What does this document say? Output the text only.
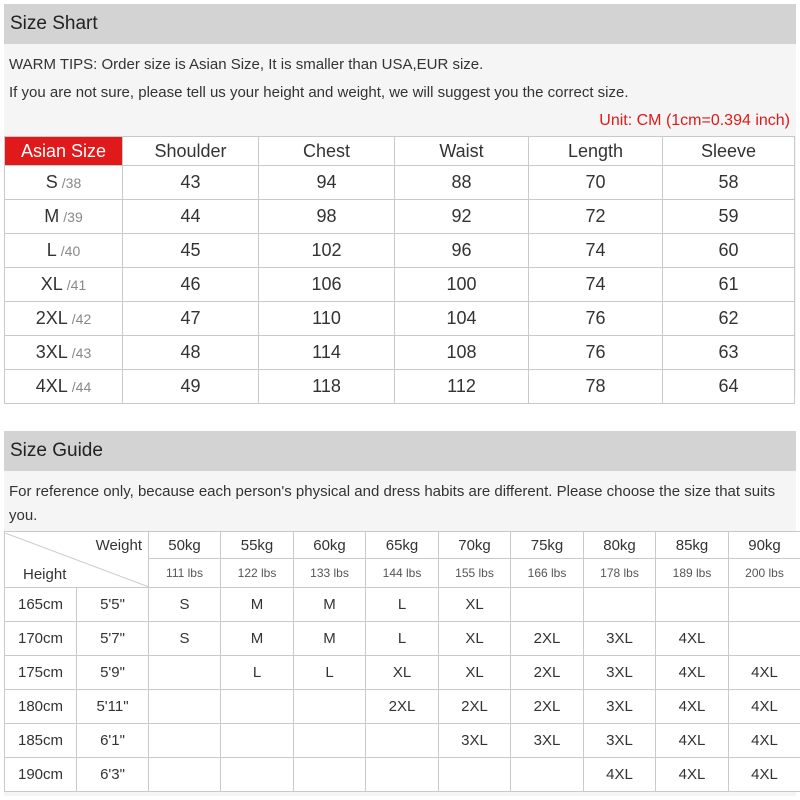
Size Shart
WARM TIPS: Order size is Asian Size, It is smaller than USA,EUR size.
If you are not sure, please tell us your height and weight, we will suggest you the correct size.
Unit: CM (1cm=0.394 inch)
Asian Size	Shoulder	Chest	Waist	Length	Sleeve
S /38	43	94	88	70	58
M /39	44	98	92	72	59
L /40	45	102	96	74	60
XL /41	46	106	100	74	61
2XL /42	47	110	104	76	62
3XL /43	48	114	108	76	63
4XL /44	49	118	112	78	64
Size Guide
For reference only, because each person's physical and dress habits are different. Please choose the size that suits you.
Weight
Height		50kg	55kg	60kg	65kg	70kg	75kg	80kg	85kg	90kg
		111 lbs	122 lbs	133 lbs	144 lbs	155 lbs	166 lbs	178 lbs	189 lbs	200 lbs
165cm	5'5"	S	M	M	L	XL				
170cm	5'7"	S	M	M	L	XL	2XL	3XL	4XL	
175cm	5'9"		L	L	XL	XL	2XL	3XL	4XL	4XL
180cm	5'11"				2XL	2XL	2XL	3XL	4XL	4XL
185cm	6'1"					3XL	3XL	3XL	4XL	4XL
190cm	6'3"							4XL	4XL	4XL
